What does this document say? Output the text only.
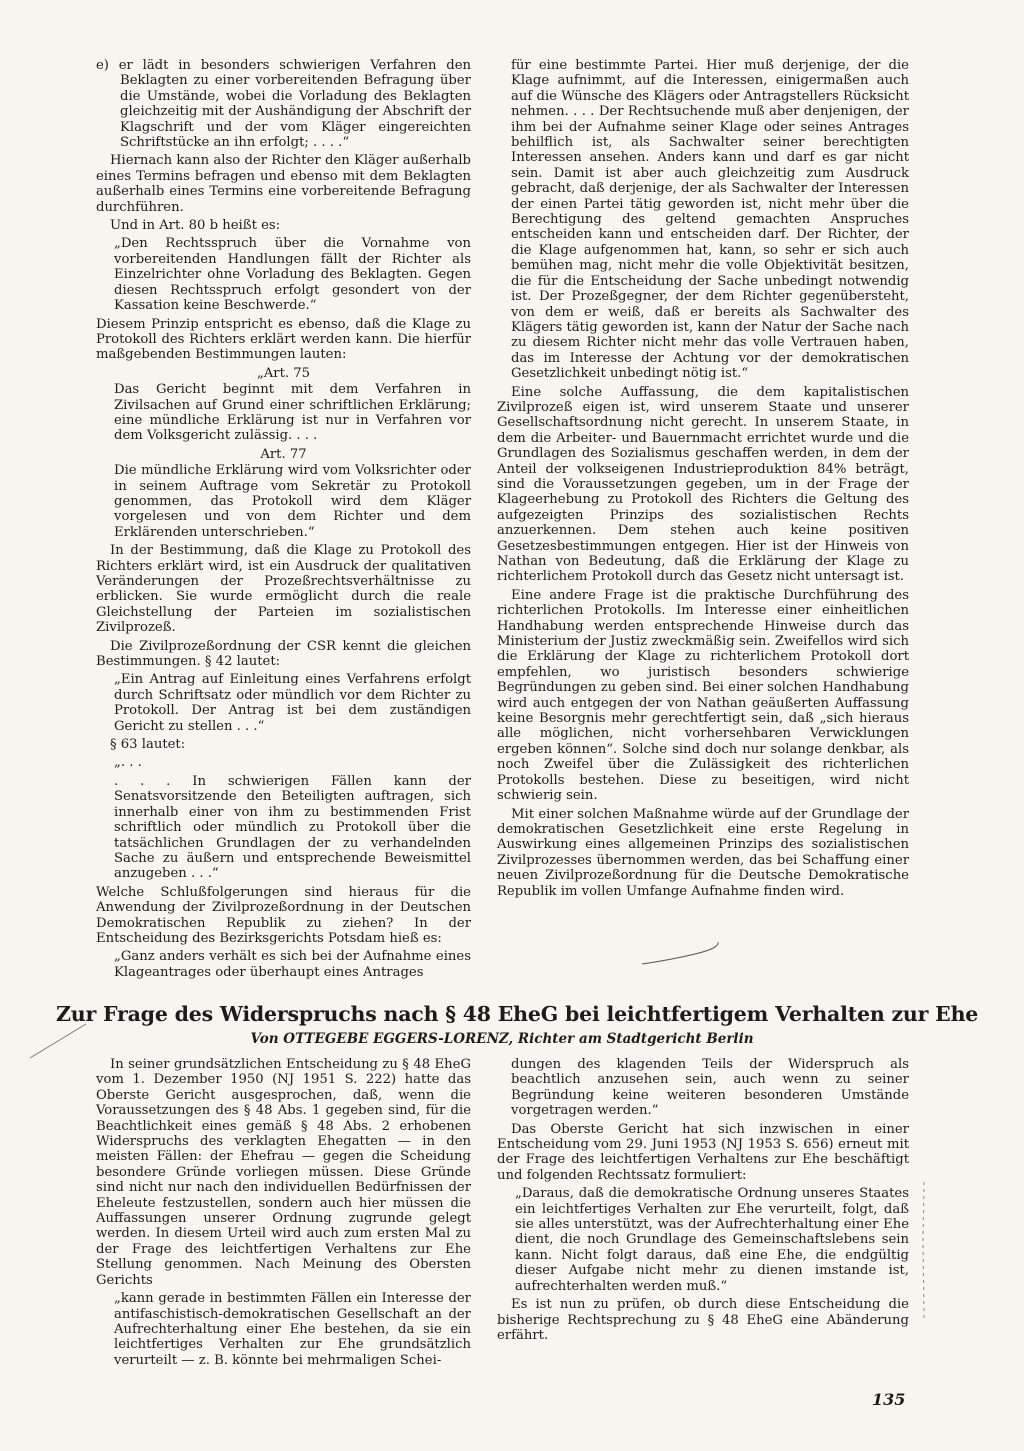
e) er lädt in besonders schwierigen Verfahren den Beklagten zu einer vorbereitenden Befragung über die Umstände, wobei die Vorladung des Beklagten gleichzeitig mit der Aushändigung der Abschrift der Klagschrift und der vom Kläger eingereichten Schriftstücke an ihn erfolgt; . . . .“

Hiernach kann also der Richter den Kläger außerhalb eines Termins befragen und ebenso mit dem Beklagten außerhalb eines Termins eine vorbereitende Befragung durchführen.

Und in Art. 80 b heißt es:

„Den Rechtsspruch über die Vornahme von vorbereitenden Handlungen fällt der Richter als Einzelrichter ohne Vorladung des Beklagten. Gegen diesen Rechtsspruch erfolgt gesondert von der Kassation keine Beschwerde.“

Diesem Prinzip entspricht es ebenso, daß die Klage zu Protokoll des Richters erklärt werden kann. Die hierfür maßgebenden Bestimmungen lauten:

„Art. 75

Das Gericht beginnt mit dem Verfahren in Zivilsachen auf Grund einer schriftlichen Erklärung; eine mündliche Erklärung ist nur in Verfahren vor dem Volksgericht zulässig. . . .

Art. 77

Die mündliche Erklärung wird vom Volksrichter oder in seinem Auftrage vom Sekretär zu Protokoll genommen, das Protokoll wird dem Kläger vorgelesen und von dem Richter und dem Erklärenden unterschrieben.“

In der Bestimmung, daß die Klage zu Protokoll des Richters erklärt wird, ist ein Ausdruck der qualitativen Veränderungen der Prozeßrechtsverhältnisse zu erblicken. Sie wurde ermöglicht durch die reale Gleichstellung der Parteien im sozialistischen Zivilprozeß.

Die Zivilprozeßordnung der CSR kennt die gleichen Bestimmungen. § 42 lautet:

„Ein Antrag auf Einleitung eines Verfahrens erfolgt durch Schriftsatz oder mündlich vor dem Richter zu Protokoll. Der Antrag ist bei dem zuständigen Gericht zu stellen . . .“

§ 63 lautet:

„. . .

. . . In schwierigen Fällen kann der Senatsvorsitzende den Beteiligten auftragen, sich innerhalb einer von ihm zu bestimmenden Frist schriftlich oder mündlich zu Protokoll über die tatsächlichen Grundlagen der zu verhandelnden Sache zu äußern und entsprechende Beweismittel anzugeben . . .“

Welche Schlußfolgerungen sind hieraus für die Anwendung der Zivilprozeßordnung in der Deutschen Demokratischen Republik zu ziehen? In der Entscheidung des Bezirksgerichts Potsdam hieß es:

„Ganz anders verhält es sich bei der Aufnahme eines Klageantrages oder überhaupt eines Antrages

für eine bestimmte Partei. Hier muß derjenige, der die Klage aufnimmt, auf die Interessen, einigermaßen auch auf die Wünsche des Klägers oder Antragstellers Rücksicht nehmen. . . . Der Rechtsuchende muß aber denjenigen, der ihm bei der Aufnahme seiner Klage oder seines Antrages behilflich ist, als Sachwalter seiner berechtigten Interessen ansehen. Anders kann und darf es gar nicht sein. Damit ist aber auch gleichzeitig zum Ausdruck gebracht, daß derjenige, der als Sachwalter der Interessen der einen Partei tätig geworden ist, nicht mehr über die Berechtigung des geltend gemachten Anspruches entscheiden kann und entscheiden darf. Der Richter, der die Klage aufgenommen hat, kann, so sehr er sich auch bemühen mag, nicht mehr die volle Objektivität besitzen, die für die Entscheidung der Sache unbedingt notwendig ist. Der Prozeßgegner, der dem Richter gegenübersteht, von dem er weiß, daß er bereits als Sachwalter des Klägers tätig geworden ist, kann der Natur der Sache nach zu diesem Richter nicht mehr das volle Vertrauen haben, das im Interesse der Achtung vor der demokratischen Gesetzlichkeit unbedingt nötig ist.“

Eine solche Auffassung, die dem kapitalistischen Zivilprozeß eigen ist, wird unserem Staate und unserer Gesellschaftsordnung nicht gerecht. In unserem Staate, in dem die Arbeiter- und Bauernmacht errichtet wurde und die Grundlagen des Sozialismus geschaffen werden, in dem der Anteil der volkseigenen Industrieproduktion 84% beträgt, sind die Voraussetzungen gegeben, um in der Frage der Klageerhebung zu Protokoll des Richters die Geltung des aufgezeigten Prinzips des sozialistischen Rechts anzuerkennen. Dem stehen auch keine positiven Gesetzesbestimmungen entgegen. Hier ist der Hinweis von Nathan von Bedeutung, daß die Erklärung der Klage zu richterlichem Protokoll durch das Gesetz nicht untersagt ist.

Eine andere Frage ist die praktische Durchführung des richterlichen Protokolls. Im Interesse einer einheitlichen Handhabung werden entsprechende Hinweise durch das Ministerium der Justiz zweckmäßig sein. Zweifellos wird sich die Erklärung der Klage zu richterlichem Protokoll dort empfehlen, wo juristisch besonders schwierige Begründungen zu geben sind. Bei einer solchen Handhabung wird auch entgegen der von Nathan geäußerten Auffassung keine Besorgnis mehr gerechtfertigt sein, daß „sich hieraus alle möglichen, nicht vorhersehbaren Verwicklungen ergeben können“. Solche sind doch nur solange denkbar, als noch Zweifel über die Zulässigkeit des richterlichen Protokolls bestehen. Diese zu beseitigen, wird nicht schwierig sein.

Mit einer solchen Maßnahme würde auf der Grundlage der demokratischen Gesetzlichkeit eine erste Regelung in Auswirkung eines allgemeinen Prinzips des sozialistischen Zivilprozesses übernommen werden, das bei Schaffung einer neuen Zivilprozeßordnung für die Deutsche Demokratische Republik im vollen Umfange Aufnahme finden wird.

Zur Frage des Widerspruchs nach § 48 EheG bei leichtfertigem Verhalten zur Ehe
Von OTTEGEBE EGGERS-LORENZ, Richter am Stadtgericht Berlin

In seiner grundsätzlichen Entscheidung zu § 48 EheG vom 1. Dezember 1950 (NJ 1951 S. 222) hatte das Oberste Gericht ausgesprochen, daß, wenn die Voraussetzungen des § 48 Abs. 1 gegeben sind, für die Beachtlichkeit eines gemäß § 48 Abs. 2 erhobenen Widerspruchs des verklagten Ehegatten — in den meisten Fällen: der Ehefrau — gegen die Scheidung besondere Gründe vorliegen müssen. Diese Gründe sind nicht nur nach den individuellen Bedürfnissen der Eheleute festzustellen, sondern auch hier müssen die Auffassungen unserer Ordnung zugrunde gelegt werden. In diesem Urteil wird auch zum ersten Mal zu der Frage des leichtfertigen Verhaltens zur Ehe Stellung genommen. Nach Meinung des Obersten Gerichts

„kann gerade in bestimmten Fällen ein Interesse der antifaschistisch-demokratischen Gesellschaft an der Aufrechterhaltung einer Ehe bestehen, da sie ein leichtfertiges Verhalten zur Ehe grundsätzlich verurteilt — z. B. könnte bei mehrmaligen Schei-

dungen des klagenden Teils der Widerspruch als beachtlich anzusehen sein, auch wenn zu seiner Begründung keine weiteren besonderen Umstände vorgetragen werden.“

Das Oberste Gericht hat sich inzwischen in einer Entscheidung vom 29. Juni 1953 (NJ 1953 S. 656) erneut mit der Frage des leichtfertigen Verhaltens zur Ehe beschäftigt und folgenden Rechtssatz formuliert:

„Daraus, daß die demokratische Ordnung unseres Staates ein leichtfertiges Verhalten zur Ehe verurteilt, folgt, daß sie alles unterstützt, was der Aufrechterhaltung einer Ehe dient, die noch Grundlage des Gemeinschaftslebens sein kann. Nicht folgt daraus, daß eine Ehe, die endgültig dieser Aufgabe nicht mehr zu dienen imstande ist, aufrechterhalten werden muß.“

Es ist nun zu prüfen, ob durch diese Entscheidung die bisherige Rechtsprechung zu § 48 EheG eine Abänderung erfährt.

135
